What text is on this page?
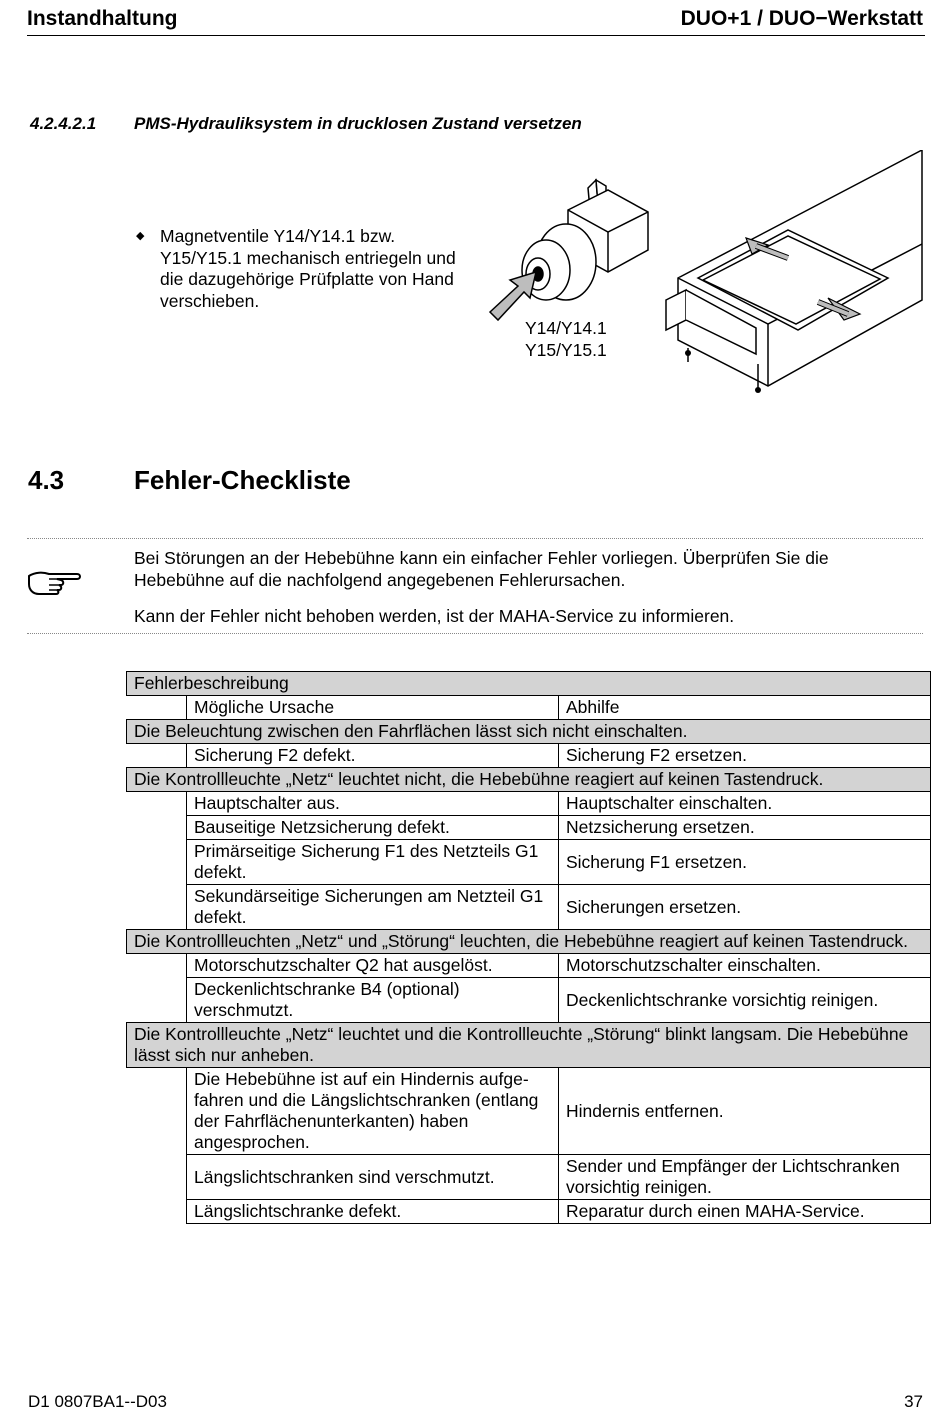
Instandhaltung	DUO+1 / DUO−Werkstatt
4.2.4.2.1 PMS-Hydrauliksystem in drucklosen Zustand versetzen
◆ Magnetventile Y14/Y14.1 bzw. Y15/Y15.1 mechanisch entriegeln und die dazugehörige Prüfplatte von Hand verschieben.
Y14/Y14.1
Y15/Y15.1
4.3	Fehler-Checkliste

Bei Störungen an der Hebebühne kann ein einfacher Fehler vorliegen. Überprüfen Sie die Hebebühne auf die nachfolgend angegebenen Fehlerursachen.

Kann der Fehler nicht behoben werden, ist der MAHA-Service zu informieren.

Fehlerbeschreibung		
	Mögliche Ursache	Abhilfe
Die Beleuchtung zwischen den Fahrflächen lässt sich nicht einschalten.		
	Sicherung F2 defekt.	Sicherung F2 ersetzen.
Die Kontrollleuchte „Netz“ leuchtet nicht, die Hebebühne reagiert auf keinen Tastendruck.		
	Hauptschalter aus.	Hauptschalter einschalten.
	Bauseitige Netzsicherung defekt.	Netzsicherung ersetzen.
	Primärseitige Sicherung F1 des Netzteils G1 defekt.	Sicherung F1 ersetzen.
	Sekundärseitige Sicherungen am Netzteil G1 defekt.	Sicherungen ersetzen.
Die Kontrollleuchten „Netz“ und „Störung“ leuchten, die Hebebühne reagiert auf keinen Tastendruck.		
	Motorschutzschalter Q2 hat ausgelöst.	Motorschutzschalter einschalten.
	Deckenlichtschranke B4 (optional) verschmutzt.	Deckenlichtschranke vorsichtig reinigen.
Die Kontrollleuchte „Netz“ leuchtet und die Kontrollleuchte „Störung“ blinkt langsam. Die Hebebühne lässt sich nur anheben.		
	Die Hebebühne ist auf ein Hindernis aufge-fahren und die Längslichtschranken (entlang der Fahrflächenunterkanten) haben angesprochen.	Hindernis entfernen.
	Längslichtschranken sind verschmutzt.	Sender und Empfänger der Lichtschranken vorsichtig reinigen.
	Längslichtschranke defekt.	Reparatur durch einen MAHA-Service.
D1 0807BA1--D03	37
